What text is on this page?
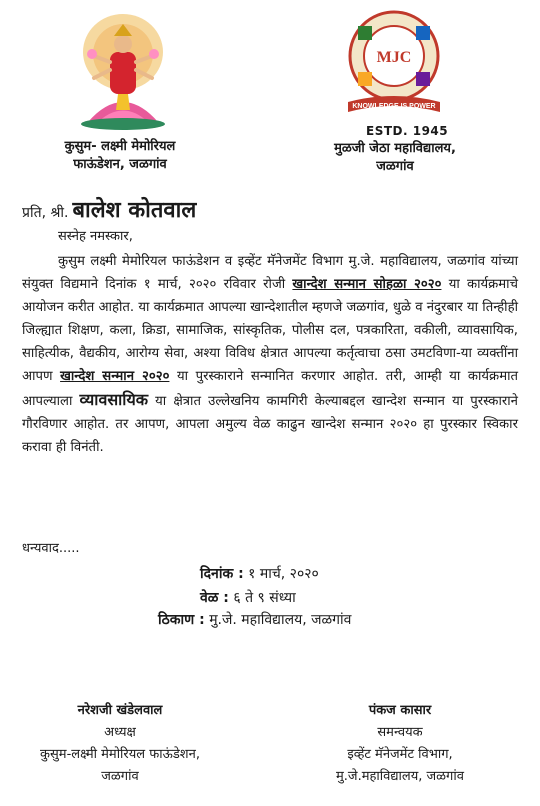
MJC
KNOWLEDGE IS POWER
ESTD. 1945
कुसुम- लक्ष्मी मेमोरियल
फाऊंडेशन, जळगांव
मुळजी जेठा महाविद्यालय,
जळगांव
प्रति, श्री. बालेश कोतवाल
सस्नेह नमस्कार,
कुसुम लक्ष्मी मेमोरियल फाऊंडेशन व इव्हेंट मॅनेजमेंट विभाग मु.जे. महाविद्यालय, जळगांव यांच्या संयुक्त विद्यमाने दिनांक १ मार्च, २०२० रविवार रोजी खान्देश सन्मान सोहळा २०२० या कार्यक्रमाचे आयोजन करीत आहोत. या कार्यक्रमात आपल्या खान्देशातील म्हणजे जळगांव, धुळे व नंदुरबार या तिन्हीही जिल्ह्यात शिक्षण, कला, क्रिडा, सामाजिक, सांस्कृतिक, पोलीस दल, पत्रकारिता, वकीली, व्यावसायिक, साहित्यीक, वैद्यकीय, आरोग्य सेवा, अश्या विविध क्षेत्रात आपल्या कर्तृत्वाचा ठसा उमटविणा-या व्यक्तींना आपण खान्देश सन्मान २०२० या पुरस्काराने सन्मानित करणार आहोत. तरी, आम्ही या कार्यक्रमात आपल्याला व्यावसायिक या क्षेत्रात उल्लेखनिय कामगिरी केल्याबद्दल खान्देश सन्मान या पुरस्काराने गौरविणार आहोत. तर आपण, आपला अमुल्य वेळ काढुन खान्देश सन्मान २०२० हा पुरस्कार स्विकार करावा ही विनंती.
धन्यवाद.....
दिनांक : १ मार्च, २०२०
वेळ : ६ ते ९ संध्या
ठिकाण : मु.जे. महाविद्यालय, जळगांव
नरेशजी खंडेलवाल
अध्यक्ष
कुसुम-लक्ष्मी मेमोरियल फाऊंडेशन,
जळगांव
पंकज कासार
समन्वयक
इव्हेंट मॅनेजमेंट विभाग,
मु.जे.महाविद्यालय, जळगांव
